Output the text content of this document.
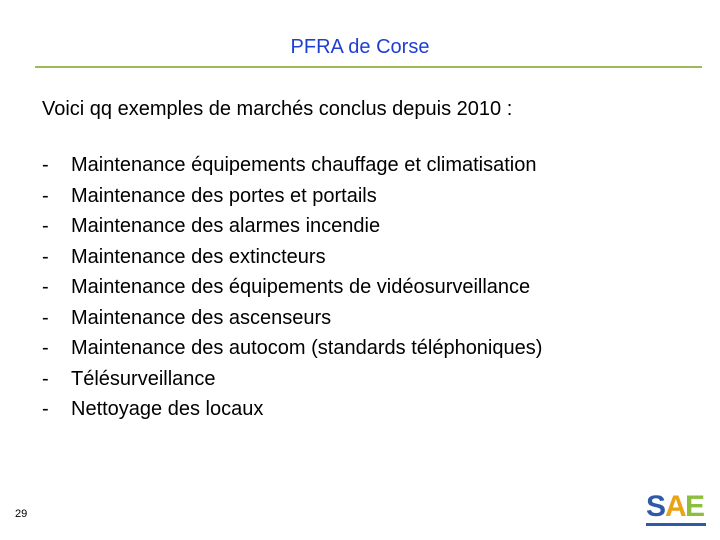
PFRA de Corse
Voici qq exemples de marchés conclus depuis 2010 :
-	Maintenance équipements chauffage et climatisation
-	Maintenance des portes et portails
-	Maintenance des alarmes incendie
-	Maintenance des extincteurs
-	Maintenance des équipements de vidéosurveillance
-	Maintenance des ascenseurs
-	Maintenance des autocom (standards téléphoniques)
-	Télésurveillance
-	Nettoyage des locaux
29	S
A
E
